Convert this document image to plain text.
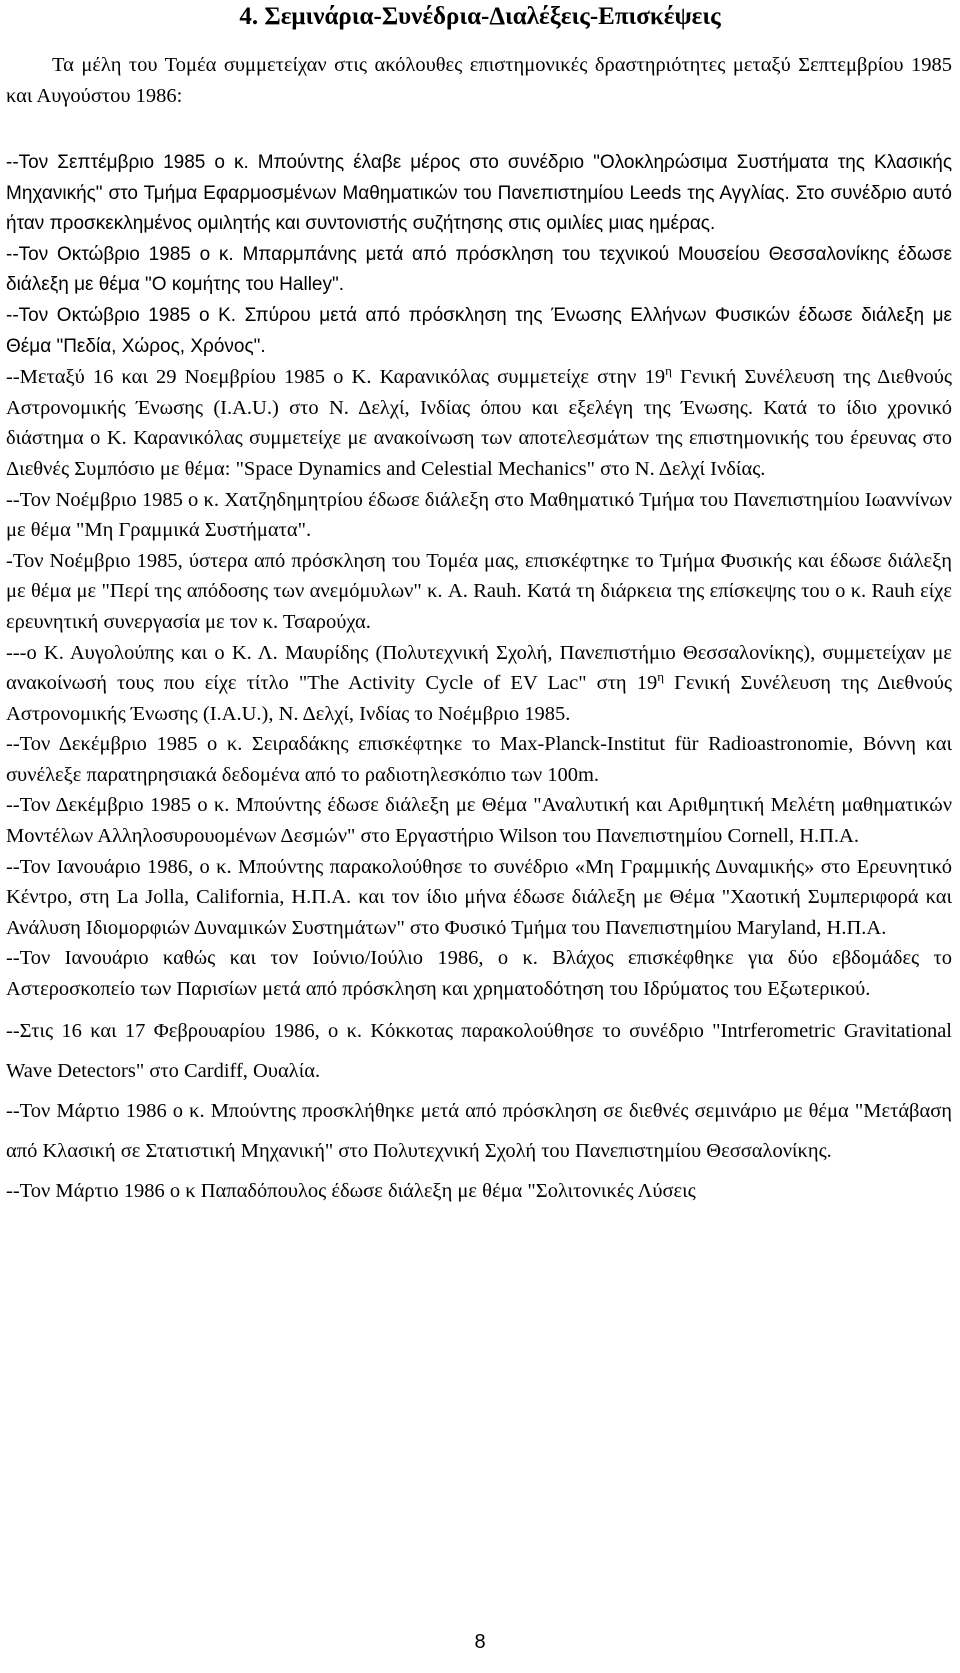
4. Σεμινάρια-Συνέδρια-Διαλέξεις-Επισκέψεις

Τα μέλη του Τομέα συμμετείχαν στις ακόλουθες επιστημονικές δραστηριότητες μεταξύ Σεπτεμβρίου 1985 και Αυγούστου 1986:

--Τον Σεπτέμβριο 1985 ο κ. Μπούντης έλαβε μέρος στο συνέδριο "Ολοκληρώσιμα Συστήματα της Κλασικής Μηχανικής" στο Τμήμα Εφαρμοσμένων Μαθηματικών του Πανεπιστημίου Leeds της Αγγλίας. Στο συνέδριο αυτό ήταν προσκεκλημένος ομιλητής και συντονιστής συζήτησης στις ομιλίες μιας ημέρας.

--Τον Οκτώβριο 1985 ο κ. Μπαρμπάνης μετά από πρόσκληση του τεχνικού Μουσείου Θεσσαλονίκης έδωσε διάλεξη με θέμα "Ο κομήτης του Halley".

--Τον Οκτώβριο 1985 ο Κ. Σπύρου μετά από πρόσκληση της Ένωσης Ελλήνων Φυσικών έδωσε διάλεξη με Θέμα "Πεδία, Χώρος, Χρόνος".

--Μεταξύ 16 και 29 Νοεμβρίου 1985 ο Κ. Καρανικόλας συμμετείχε στην $19^\eta$ Γενική Συνέλευση της Διεθνούς Αστρονομικής Ένωσης (I.A.U.) στο Ν. Δελχί, Ινδίας όπου και εξελέγη της Ένωσης. Κατά το ίδιο χρονικό διάστημα ο Κ. Καρανικόλας συμμετείχε με ανακοίνωση των αποτελεσμάτων της επιστημονικής του έρευνας στο Διεθνές Συμπόσιο με θέμα: "Space Dynamics and Celestial Mechanics" στο Ν. Δελχί Ινδίας.

--Τον Νοέμβριο 1985 ο κ. Χατζηδημητρίου έδωσε διάλεξη στο Μαθηματικό Τμήμα του Πανεπιστημίου Ιωαννίνων με θέμα "Μη Γραμμικά Συστήματα".

-Τον Νοέμβριο 1985, ύστερα από πρόσκληση του Τομέα μας, επισκέφτηκε το Τμήμα Φυσικής και έδωσε διάλεξη με θέμα με "Περί της απόδοσης των ανεμόμυλων" κ. A. Rauh. Κατά τη διάρκεια της επίσκεψης του ο κ. Rauh είχε ερευνητική συνεργασία με τον κ. Τσαρούχα.

---ο Κ. Αυγολούπης και ο Κ. Λ. Μαυρίδης (Πολυτεχνική Σχολή, Πανεπιστήμιο Θεσσαλονίκης), συμμετείχαν με ανακοίνωσή τους που είχε τίτλο "The Activity Cycle of EV Lac" στη $19^\eta$ Γενική Συνέλευση της Διεθνούς Αστρονομικής Ένωσης (I.A.U.), Ν. Δελχί, Ινδίας το Νοέμβριο 1985.

--Τον Δεκέμβριο 1985 ο κ. Σειραδάκης επισκέφτηκε το Max-Planck-Institut für Radioastronomie, Βόννη και συνέλεξε παρατηρησιακά δεδομένα από το ραδιοτηλεσκόπιο των 100m.

--Τον Δεκέμβριο 1985 ο κ. Μπούντης έδωσε διάλεξη με Θέμα "Αναλυτική και Αριθμητική Μελέτη μαθηματικών Μοντέλων Αλληλοσυρουομένων Δεσμών" στο Εργαστήριο Wilson του Πανεπιστημίου Cornell, Η.Π.Α.

--Τον Ιανουάριο 1986, ο κ. Μπούντης παρακολούθησε το συνέδριο «Μη Γραμμικής Δυναμικής» στο Ερευνητικό Κέντρο, στη La Jolla, California, Η.Π.Α. και τον ίδιο μήνα έδωσε διάλεξη με Θέμα "Χαοτική Συμπεριφορά και Ανάλυση Ιδιομορφιών Δυναμικών Συστημάτων" στο Φυσικό Τμήμα του Πανεπιστημίου Maryland, Η.Π.Α.

--Τον Ιανουάριο καθώς και τον Ιούνιο/Ιούλιο 1986, ο κ. Βλάχος επισκέφθηκε για δύο εβδομάδες το Αστεροσκοπείο των Παρισίων μετά από πρόσκληση και χρηματοδότηση του Ιδρύματος του Εξωτερικού.

--Στις 16 και 17 Φεβρουαρίου 1986, ο κ. Κόκκοτας παρακολούθησε το συνέδριο "Intrferometric Gravitational Wave Detectors" στο Cardiff, Ουαλία.

--Τον Μάρτιο 1986 ο κ. Μπούντης προσκλήθηκε μετά από πρόσκληση σε διεθνές σεμινάριο με θέμα "Μετάβαση από Κλασική σε Στατιστική Μηχανική" στο Πολυτεχνική Σχολή του Πανεπιστημίου Θεσσαλονίκης.

--Τον Μάρτιο 1986 ο κ Παπαδόπουλος έδωσε διάλεξη με θέμα "Σολιτονικές Λύσεις

8
